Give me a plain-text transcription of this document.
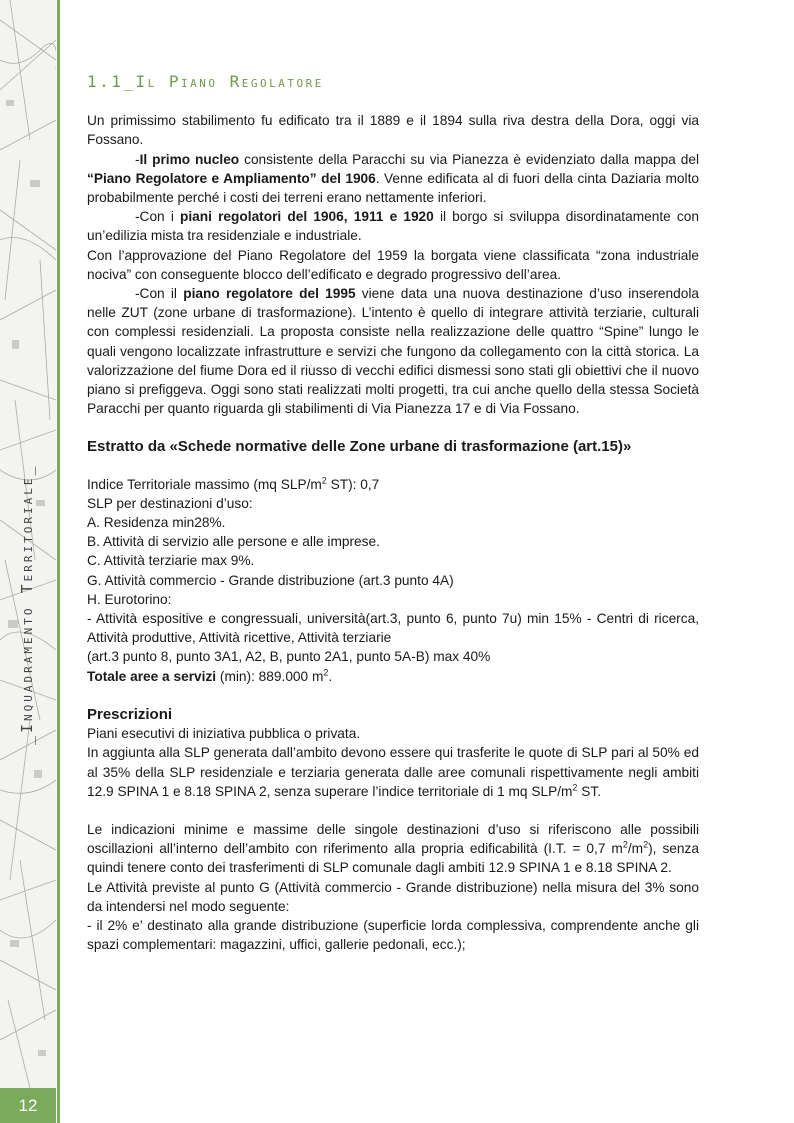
12
_Inquadramento Territoriale_
1.1_Il Piano Regolatore

Un primissimo stabilimento fu edificato tra il 1889 e il 1894 sulla riva destra della Dora, oggi via Fossano.

-Il primo nucleo consistente della Paracchi su via Pianezza è evidenziato dalla mappa del “Piano Regolatore e Ampliamento” del 1906. Venne edificata al di fuori della cinta Daziaria molto probabilmente perché i costi dei terreni erano nettamente inferiori.

-Con i piani regolatori del 1906, 1911 e 1920 il borgo si sviluppa disordinatamente con un’edilizia mista tra residenziale e industriale.

Con l’approvazione del Piano Regolatore del 1959 la borgata viene classificata “zona industriale nociva” con conseguente blocco dell’edificato e degrado progressivo dell’area.

-Con il piano regolatore del 1995 viene data una nuova destinazione d’uso inserendola nelle ZUT (zone urbane di trasformazione). L’intento è quello di integrare attività terziarie, culturali con complessi residenziali. La proposta consiste nella realizzazione delle quattro “Spine” lungo le quali vengono localizzate infrastrutture e servizi che fungono da collegamento con la città storica. La valorizzazione del fiume Dora ed il riusso di vecchi edifici dismessi sono stati gli obiettivi che il nuovo piano si prefiggeva. Oggi sono stati realizzati molti progetti, tra cui anche quello della stessa Società Paracchi per quanto riguarda gli stabilimenti di Via Pianezza 17 e di Via Fossano.

Estratto da «Schede normative delle Zone urbane di trasformazione (art.15)»

Indice Territoriale massimo (mq SLP/$m^2$ ST): 0,7

SLP per destinazioni d’uso:

A. Residenza min28%.

B. Attività di servizio alle persone e alle imprese.

C. Attività terziarie max 9%.

G. Attività commercio - Grande distribuzione (art.3 punto 4A)

H. Eurotorino:

- Attività espositive e congressuali, università(art.3, punto 6, punto 7u) min 15% - Centri di ricerca, Attività produttive, Attività ricettive, Attività terziarie

(art.3 punto 8, punto 3A1, A2, B, punto 2A1, punto 5A-B) max 40%

Totale aree a servizi (min): 889.000 $m^2$.

Prescrizioni

Piani esecutivi di iniziativa pubblica o privata.

In aggiunta alla SLP generata dall’ambito devono essere qui trasferite le quote di SLP pari al 50% ed al 35% della SLP residenziale e terziaria generata dalle aree comunali rispettivamente negli ambiti 12.9 SPINA 1 e 8.18 SPINA 2, senza superare l’indice territoriale di 1 mq SLP/$m^2$ ST.

Le indicazioni minime e massime delle singole destinazioni d’uso si riferiscono alle possibili oscillazioni all’interno dell’ambito con riferimento alla propria edificabilità (I.T. = 0,7 $m^2/m^2$), senza quindi tenere conto dei trasferimenti di SLP comunale dagli ambiti 12.9 SPINA 1 e 8.18 SPINA 2.

Le Attività previste al punto G (Attività commercio - Grande distribuzione) nella misura del 3% sono da intendersi nel modo seguente:

- il 2% e’ destinato alla grande distribuzione (superficie lorda complessiva, comprendente anche gli spazi complementari: magazzini, uffici, gallerie pedonali, ecc.);
